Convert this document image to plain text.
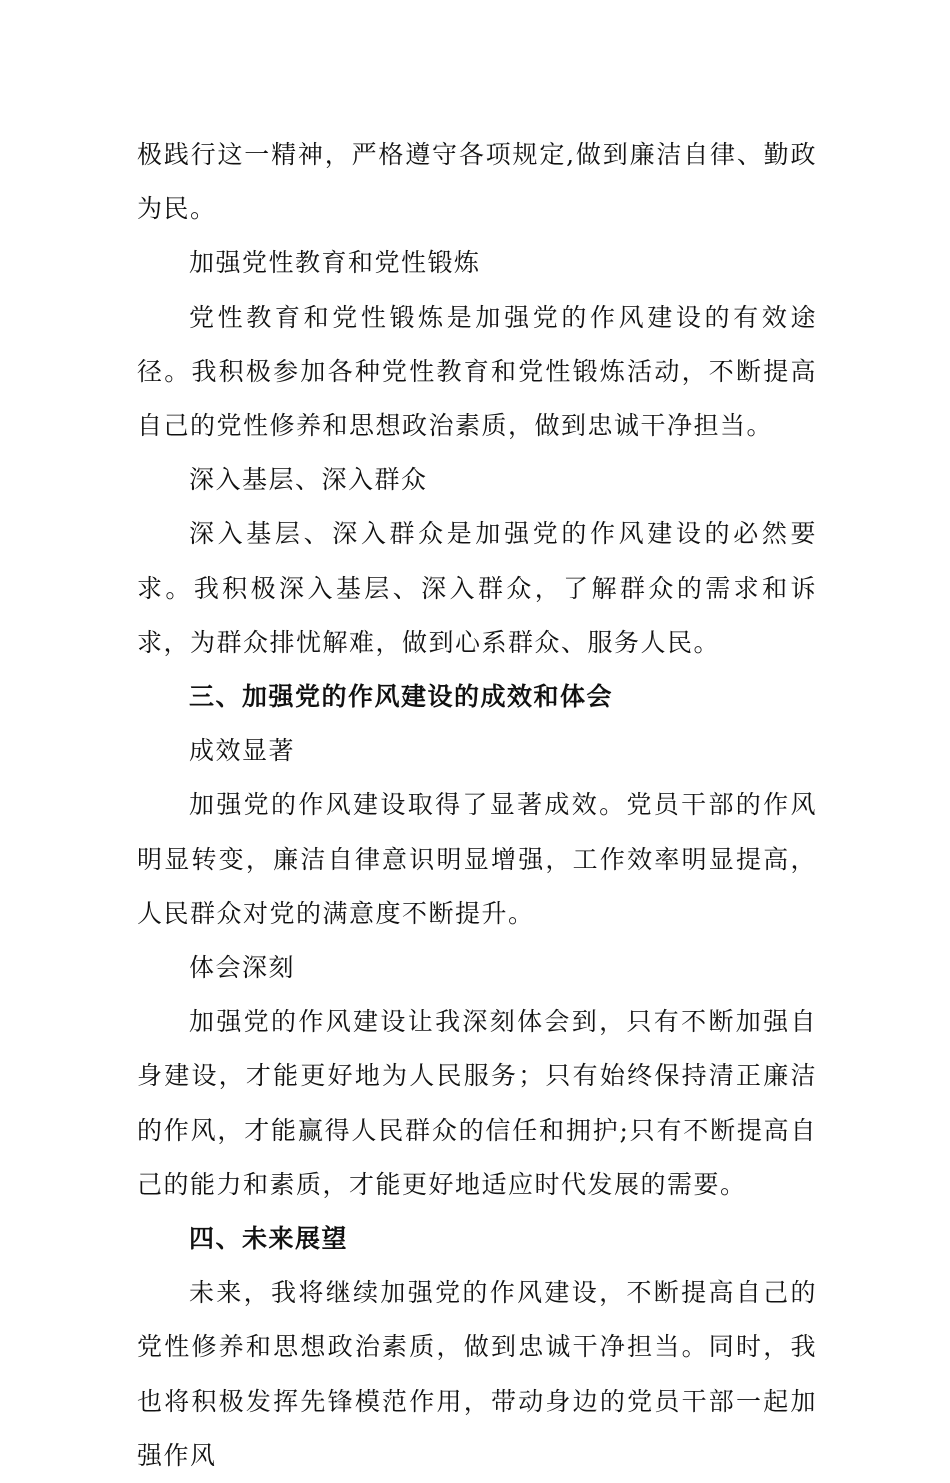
极践行这一精神，严格遵守各项规定,做到廉洁自律、勤政为民。

加强党性教育和党性锻炼

党性教育和党性锻炼是加强党的作风建设的有效途径。我积极参加各种党性教育和党性锻炼活动，不断提高自己的党性修养和思想政治素质，做到忠诚干净担当。

深入基层、深入群众

深入基层、深入群众是加强党的作风建设的必然要求。我积极深入基层、深入群众，了解群众的需求和诉求，为群众排忧解难，做到心系群众、服务人民。

三、加强党的作风建设的成效和体会

成效显著

加强党的作风建设取得了显著成效。党员干部的作风明显转变，廉洁自律意识明显增强，工作效率明显提高，人民群众对党的满意度不断提升。

体会深刻

加强党的作风建设让我深刻体会到，只有不断加强自身建设，才能更好地为人民服务；只有始终保持清正廉洁的作风，才能赢得人民群众的信任和拥护;只有不断提高自己的能力和素质，才能更好地适应时代发展的需要。

四、未来展望

未来，我将继续加强党的作风建设，不断提高自己的党性修养和思想政治素质，做到忠诚干净担当。同时，我也将积极发挥先锋模范作用，带动身边的党员干部一起加强作风
